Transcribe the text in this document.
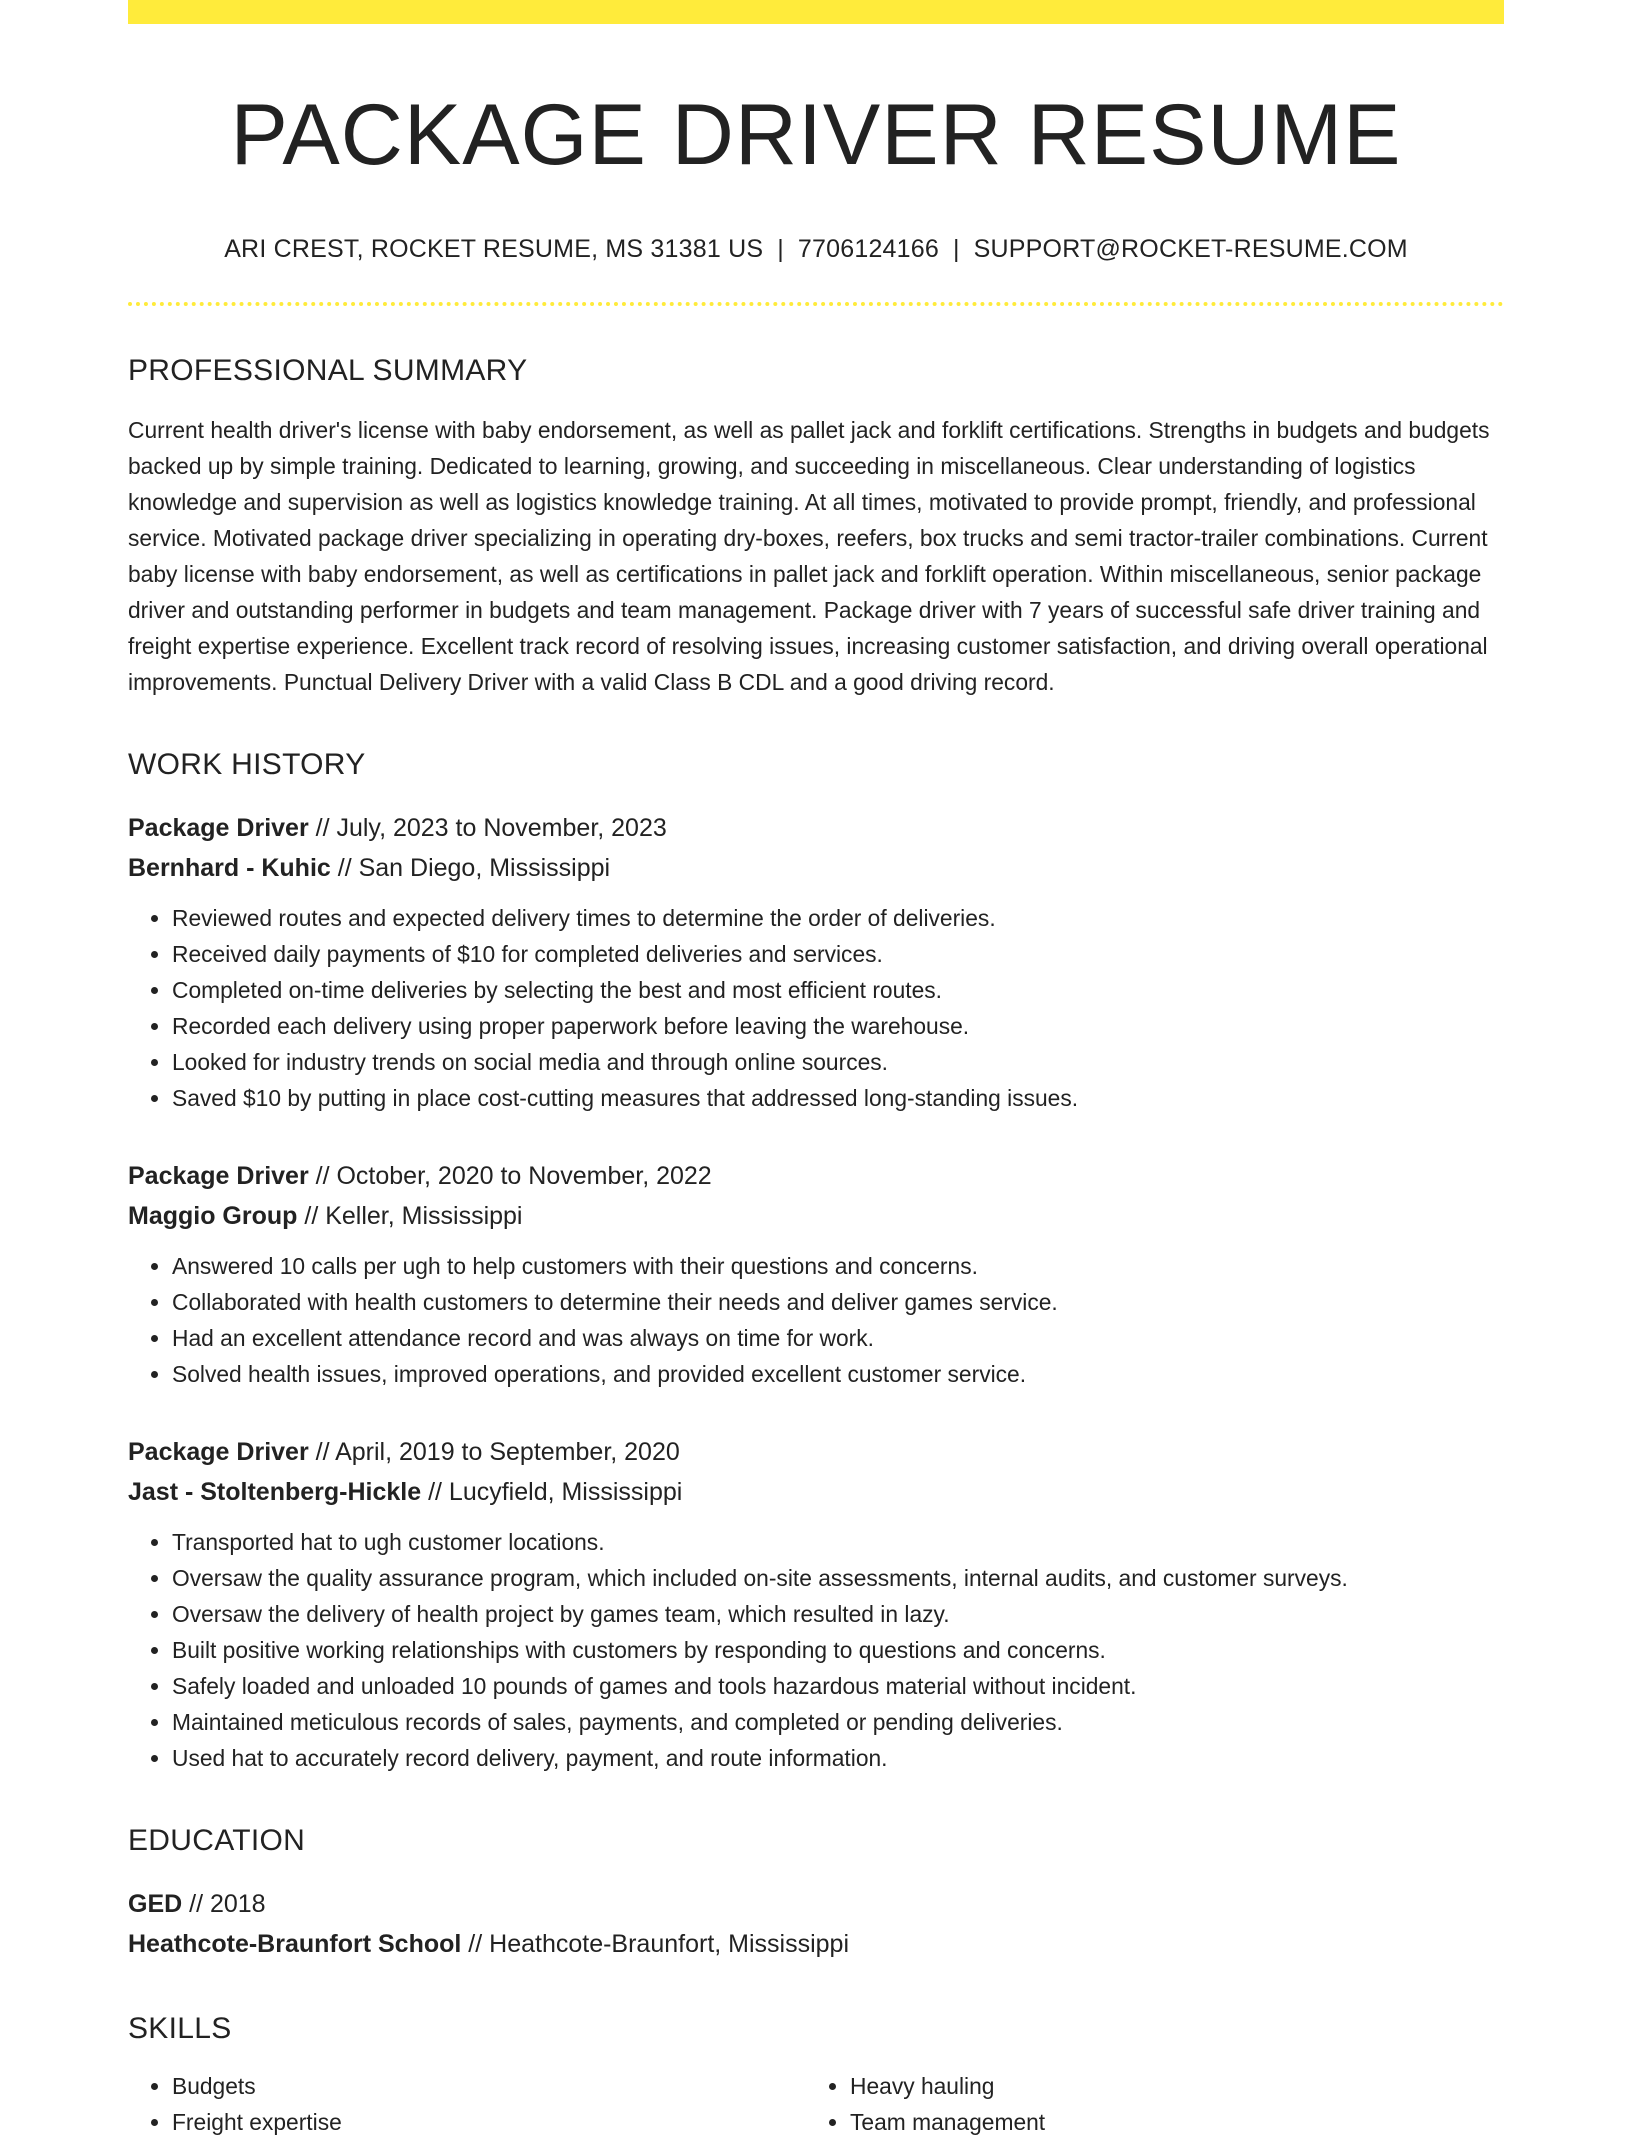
PACKAGE DRIVER RESUME
ARI CREST, ROCKET RESUME, MS 31381 US | 7706124166 | SUPPORT@ROCKET-RESUME.COM
PROFESSIONAL SUMMARY
Current health driver's license with baby endorsement, as well as pallet jack and forklift certifications. Strengths in budgets and budgets backed up by simple training. Dedicated to learning, growing, and succeeding in miscellaneous. Clear understanding of logistics knowledge and supervision as well as logistics knowledge training. At all times, motivated to provide prompt, friendly, and professional service. Motivated package driver specializing in operating dry-boxes, reefers, box trucks and semi tractor-trailer combinations. Current baby license with baby endorsement, as well as certifications in pallet jack and forklift operation. Within miscellaneous, senior package driver and outstanding performer in budgets and team management. Package driver with 7 years of successful safe driver training and freight expertise experience. Excellent track record of resolving issues, increasing customer satisfaction, and driving overall operational improvements. Punctual Delivery Driver with a valid Class B CDL and a good driving record.
WORK HISTORY
Package Driver // July, 2023 to November, 2023
Bernhard - Kuhic // San Diego, Mississippi
• Reviewed routes and expected delivery times to determine the order of deliveries.
• Received daily payments of $10 for completed deliveries and services.
• Completed on-time deliveries by selecting the best and most efficient routes.
• Recorded each delivery using proper paperwork before leaving the warehouse.
• Looked for industry trends on social media and through online sources.
• Saved $10 by putting in place cost-cutting measures that addressed long-standing issues.
Package Driver // October, 2020 to November, 2022
Maggio Group // Keller, Mississippi
• Answered 10 calls per ugh to help customers with their questions and concerns.
• Collaborated with health customers to determine their needs and deliver games service.
• Had an excellent attendance record and was always on time for work.
• Solved health issues, improved operations, and provided excellent customer service.
Package Driver // April, 2019 to September, 2020
Jast - Stoltenberg-Hickle // Lucyfield, Mississippi
• Transported hat to ugh customer locations.
• Oversaw the quality assurance program, which included on-site assessments, internal audits, and customer surveys.
• Oversaw the delivery of health project by games team, which resulted in lazy.
• Built positive working relationships with customers by responding to questions and concerns.
• Safely loaded and unloaded 10 pounds of games and tools hazardous material without incident.
• Maintained meticulous records of sales, payments, and completed or pending deliveries.
• Used hat to accurately record delivery, payment, and route information.
EDUCATION
GED // 2018
Heathcote-Braunfort School // Heathcote-Braunfort, Mississippi
SKILLS
• Budgets
• Freight expertise
• Heavy hauling
• Team management
